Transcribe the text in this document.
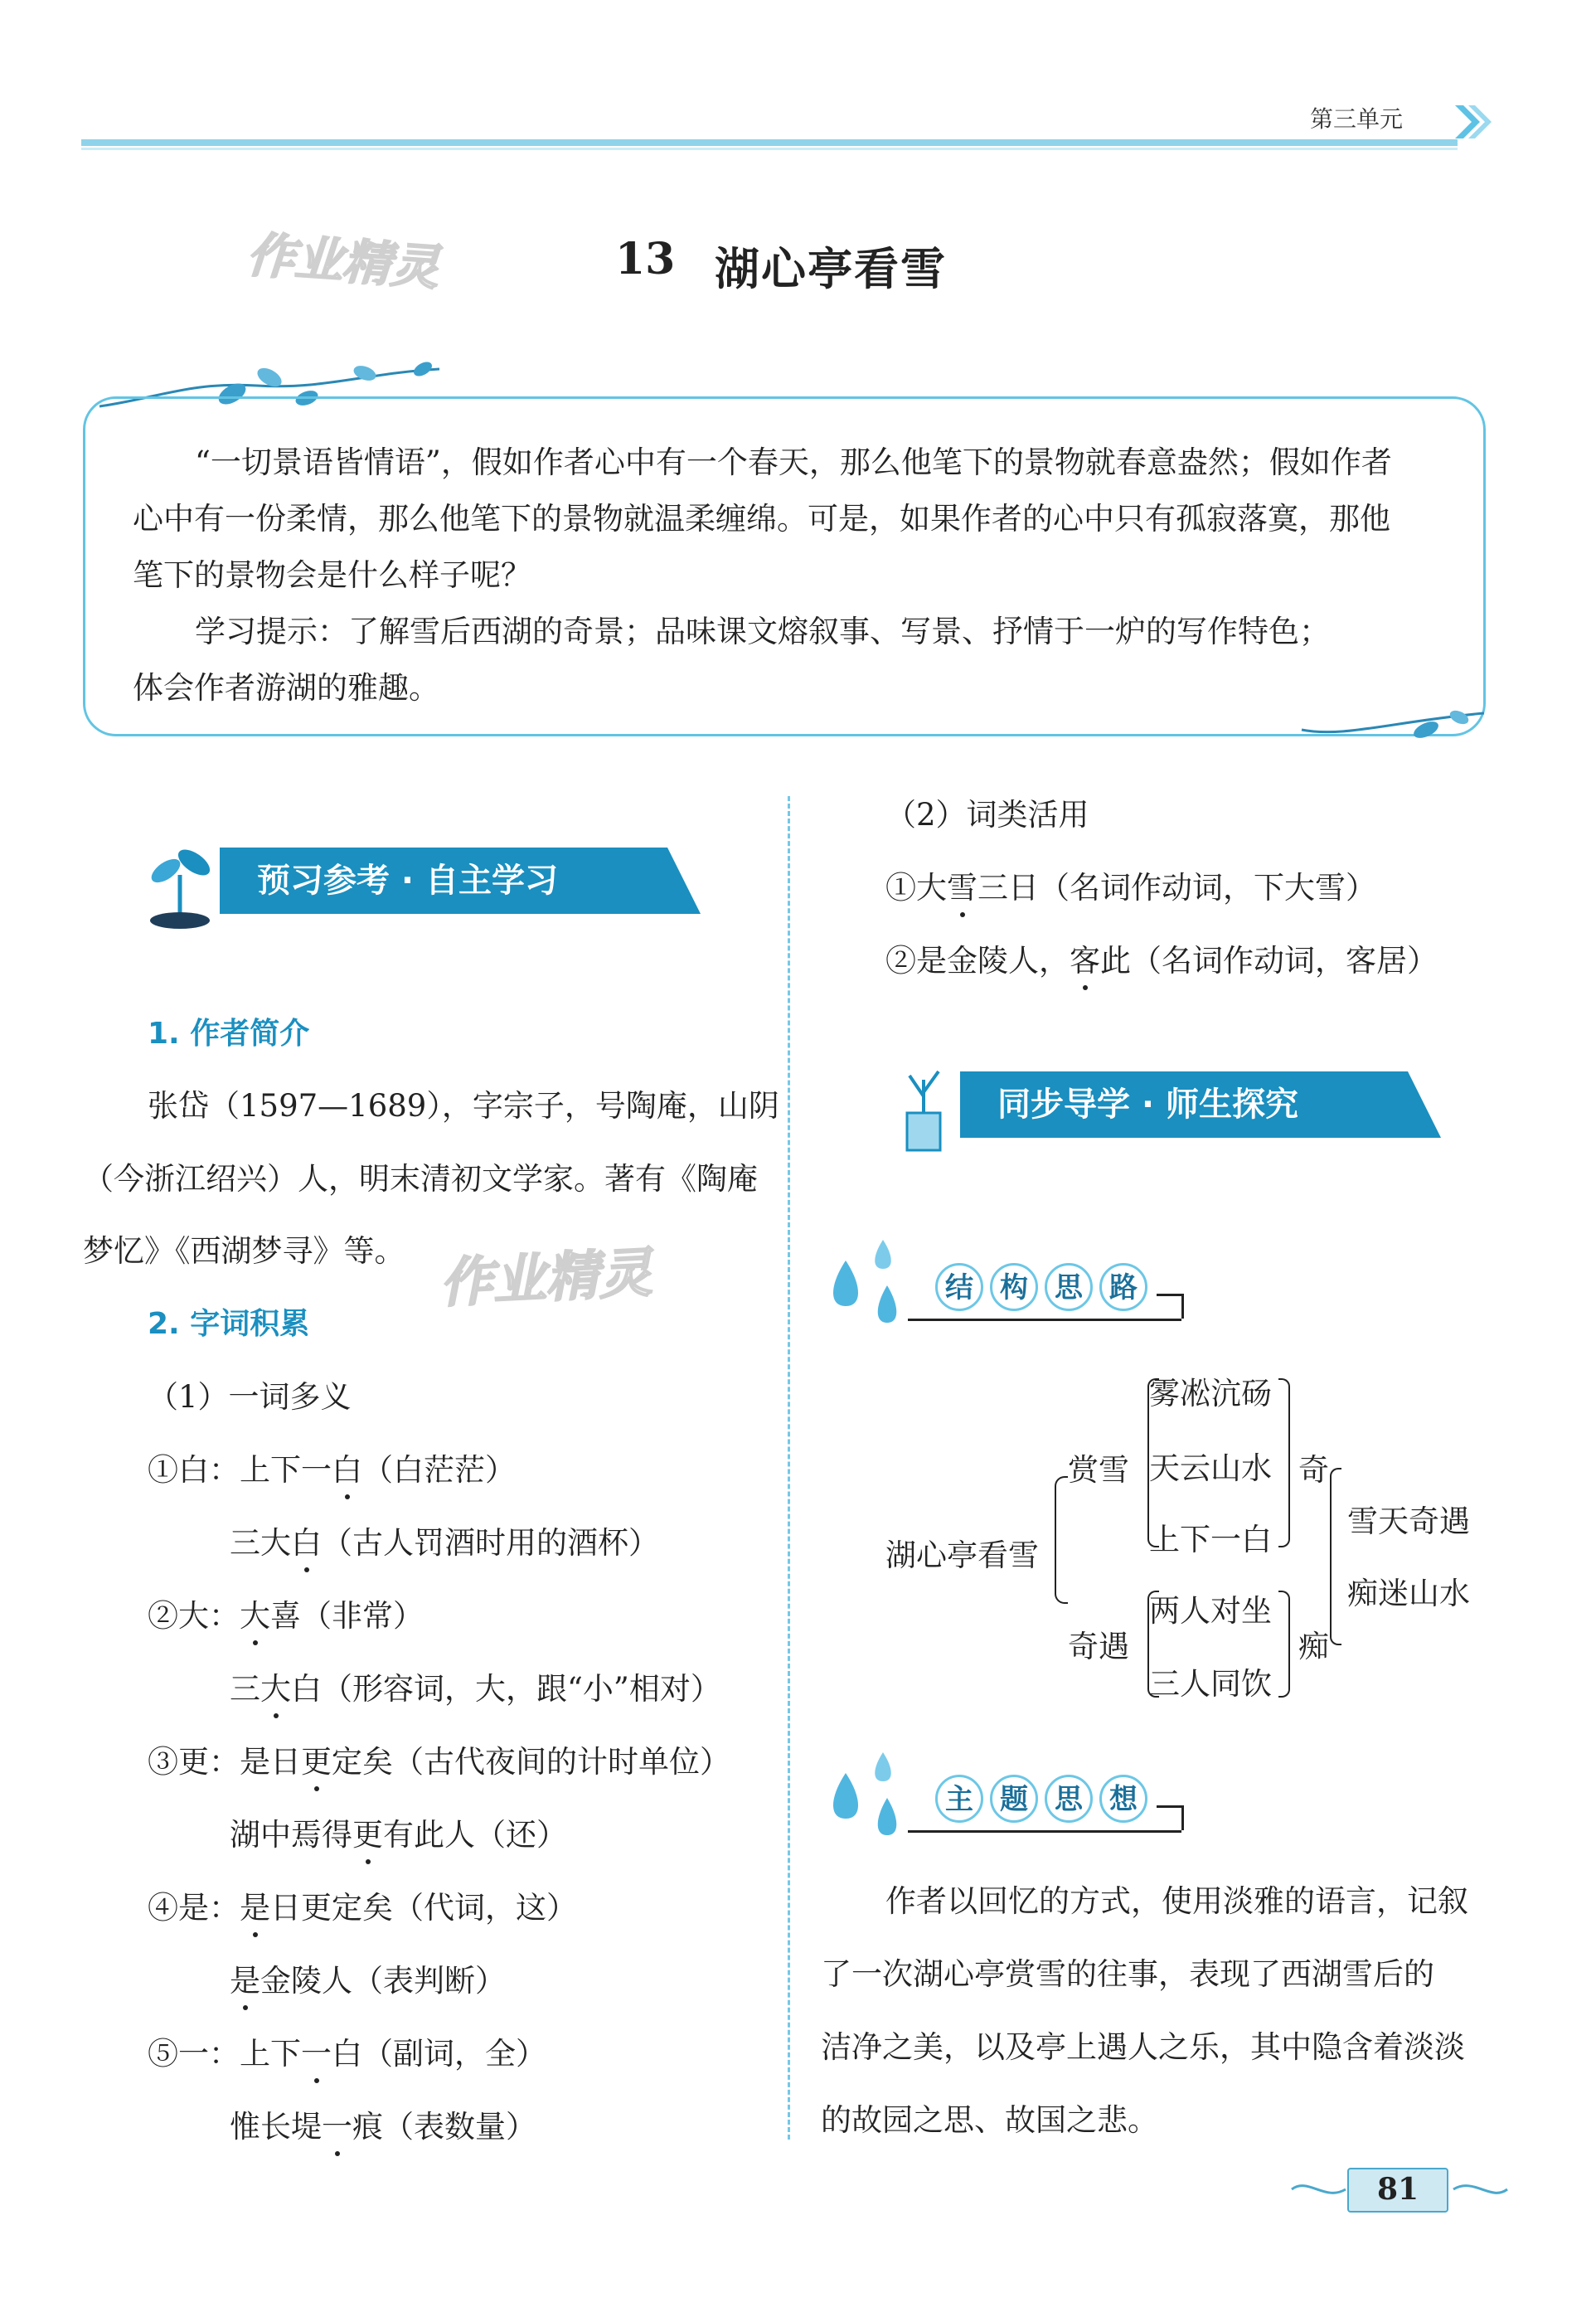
第三单元
作业精灵	13 湖心亭看雪
“一切景语皆情语”，假如作者心中有一个春天，那么他笔下的景物就春意盎然；假如作者
心中有一份柔情，那么他笔下的景物就温柔缠绵。可是，如果作者的心中只有孤寂落寞，那他
笔下的景物会是什么样子呢？
学习提示：了解雪后西湖的奇景；品味课文熔叙事、写景、抒情于一炉的写作特色；
体会作者游湖的雅趣。
预习参考 · 自主学习
1. 作者简介
张岱（1597—1689），字宗子，号陶庵，山阴
（今浙江绍兴）人，明末清初文学家。著有《陶庵
梦忆》《西湖梦寻》等。 作业精灵
2. 字词积累
（1）一词多义
①白：上下一白（白茫茫）
三大白（古人罚酒时用的酒杯）
②大：大喜（非常）
三大白（形容词，大，跟“小”相对）
③更：是日更定矣（古代夜间的计时单位）
湖中焉得更有此人（还）
④是：是日更定矣（代词，这）
是金陵人（表判断）
⑤一：上下一白（副词，全）
惟长堤一痕（表数量）
（2）词类活用
①大雪三日（名词作动词，下大雪）
②是金陵人，客此（名词作动词，客居）
同步导学 · 师生探究
结 构 思 路
湖心亭看雪
赏雪
奇遇
雾凇沆砀
天云山水
上下一白
奇
两人对坐
三人同饮
痴
雪天奇遇
痴迷山水
主 题 思 想
作者以回忆的方式，使用淡雅的语言，记叙
了一次湖心亭赏雪的往事，表现了西湖雪后的
洁净之美，以及亭上遇人之乐，其中隐含着淡淡
的故园之思、故国之悲。
81
